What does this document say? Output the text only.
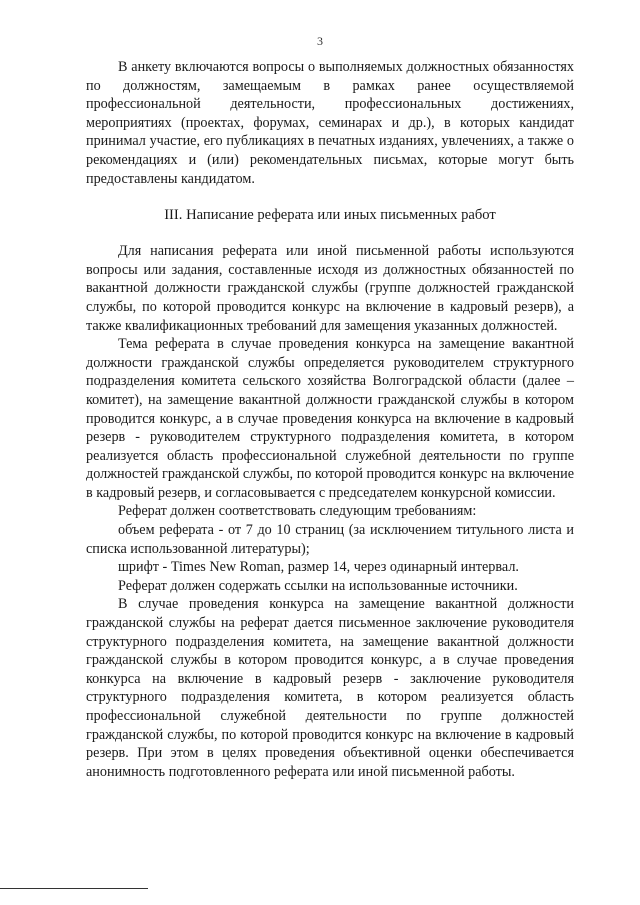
3

В анкету включаются вопросы о выполняемых должностных обязанностях по должностям, замещаемым в рамках ранее осуществляемой профессиональной деятельности, профессиональных достижениях, мероприятиях (проектах, форумах, семинарах и др.), в которых кандидат принимал участие, его публикациях в печатных изданиях, увлечениях, а также о рекомендациях и (или) рекомендательных письмах, которые могут быть предоставлены кандидатом.

III. Написание реферата или иных письменных работ

Для написания реферата или иной письменной работы используются вопросы или задания, составленные исходя из должностных обязанностей по вакантной должности гражданской службы (группе должностей гражданской службы, по которой проводится конкурс на включение в кадровый резерв), а также квалификационных требований для замещения указанных должностей.

Тема реферата в случае проведения конкурса на замещение вакантной должности гражданской службы определяется руководителем структурного подразделения комитета сельского хозяйства Волгоградской области (далее – комитет), на замещение вакантной должности гражданской службы в котором проводится конкурс, а в случае проведения конкурса на включение в кадровый резерв - руководителем структурного подразделения комитета, в котором реализуется область профессиональной служебной деятельности по группе должностей гражданской службы, по которой проводится конкурс на включение в кадровый резерв, и согласовывается с председателем конкурсной комиссии.

Реферат должен соответствовать следующим требованиям:

объем реферата - от 7 до 10 страниц (за исключением титульного листа и списка использованной литературы);

шрифт - Times New Roman, размер 14, через одинарный интервал.

Реферат должен содержать ссылки на использованные источники.

В случае проведения конкурса на замещение вакантной должности гражданской службы на реферат дается письменное заключение руководителя структурного подразделения комитета, на замещение вакантной должности гражданской службы в котором проводится конкурс, а в случае проведения конкурса на включение в кадровый резерв - заключение руководителя структурного подразделения комитета, в котором реализуется область профессиональной служебной деятельности по группе должностей гражданской службы, по которой проводится конкурс на включение в кадровый резерв. При этом в целях проведения объективной оценки обеспечивается анонимность подготовленного реферата или иной письменной работы.
